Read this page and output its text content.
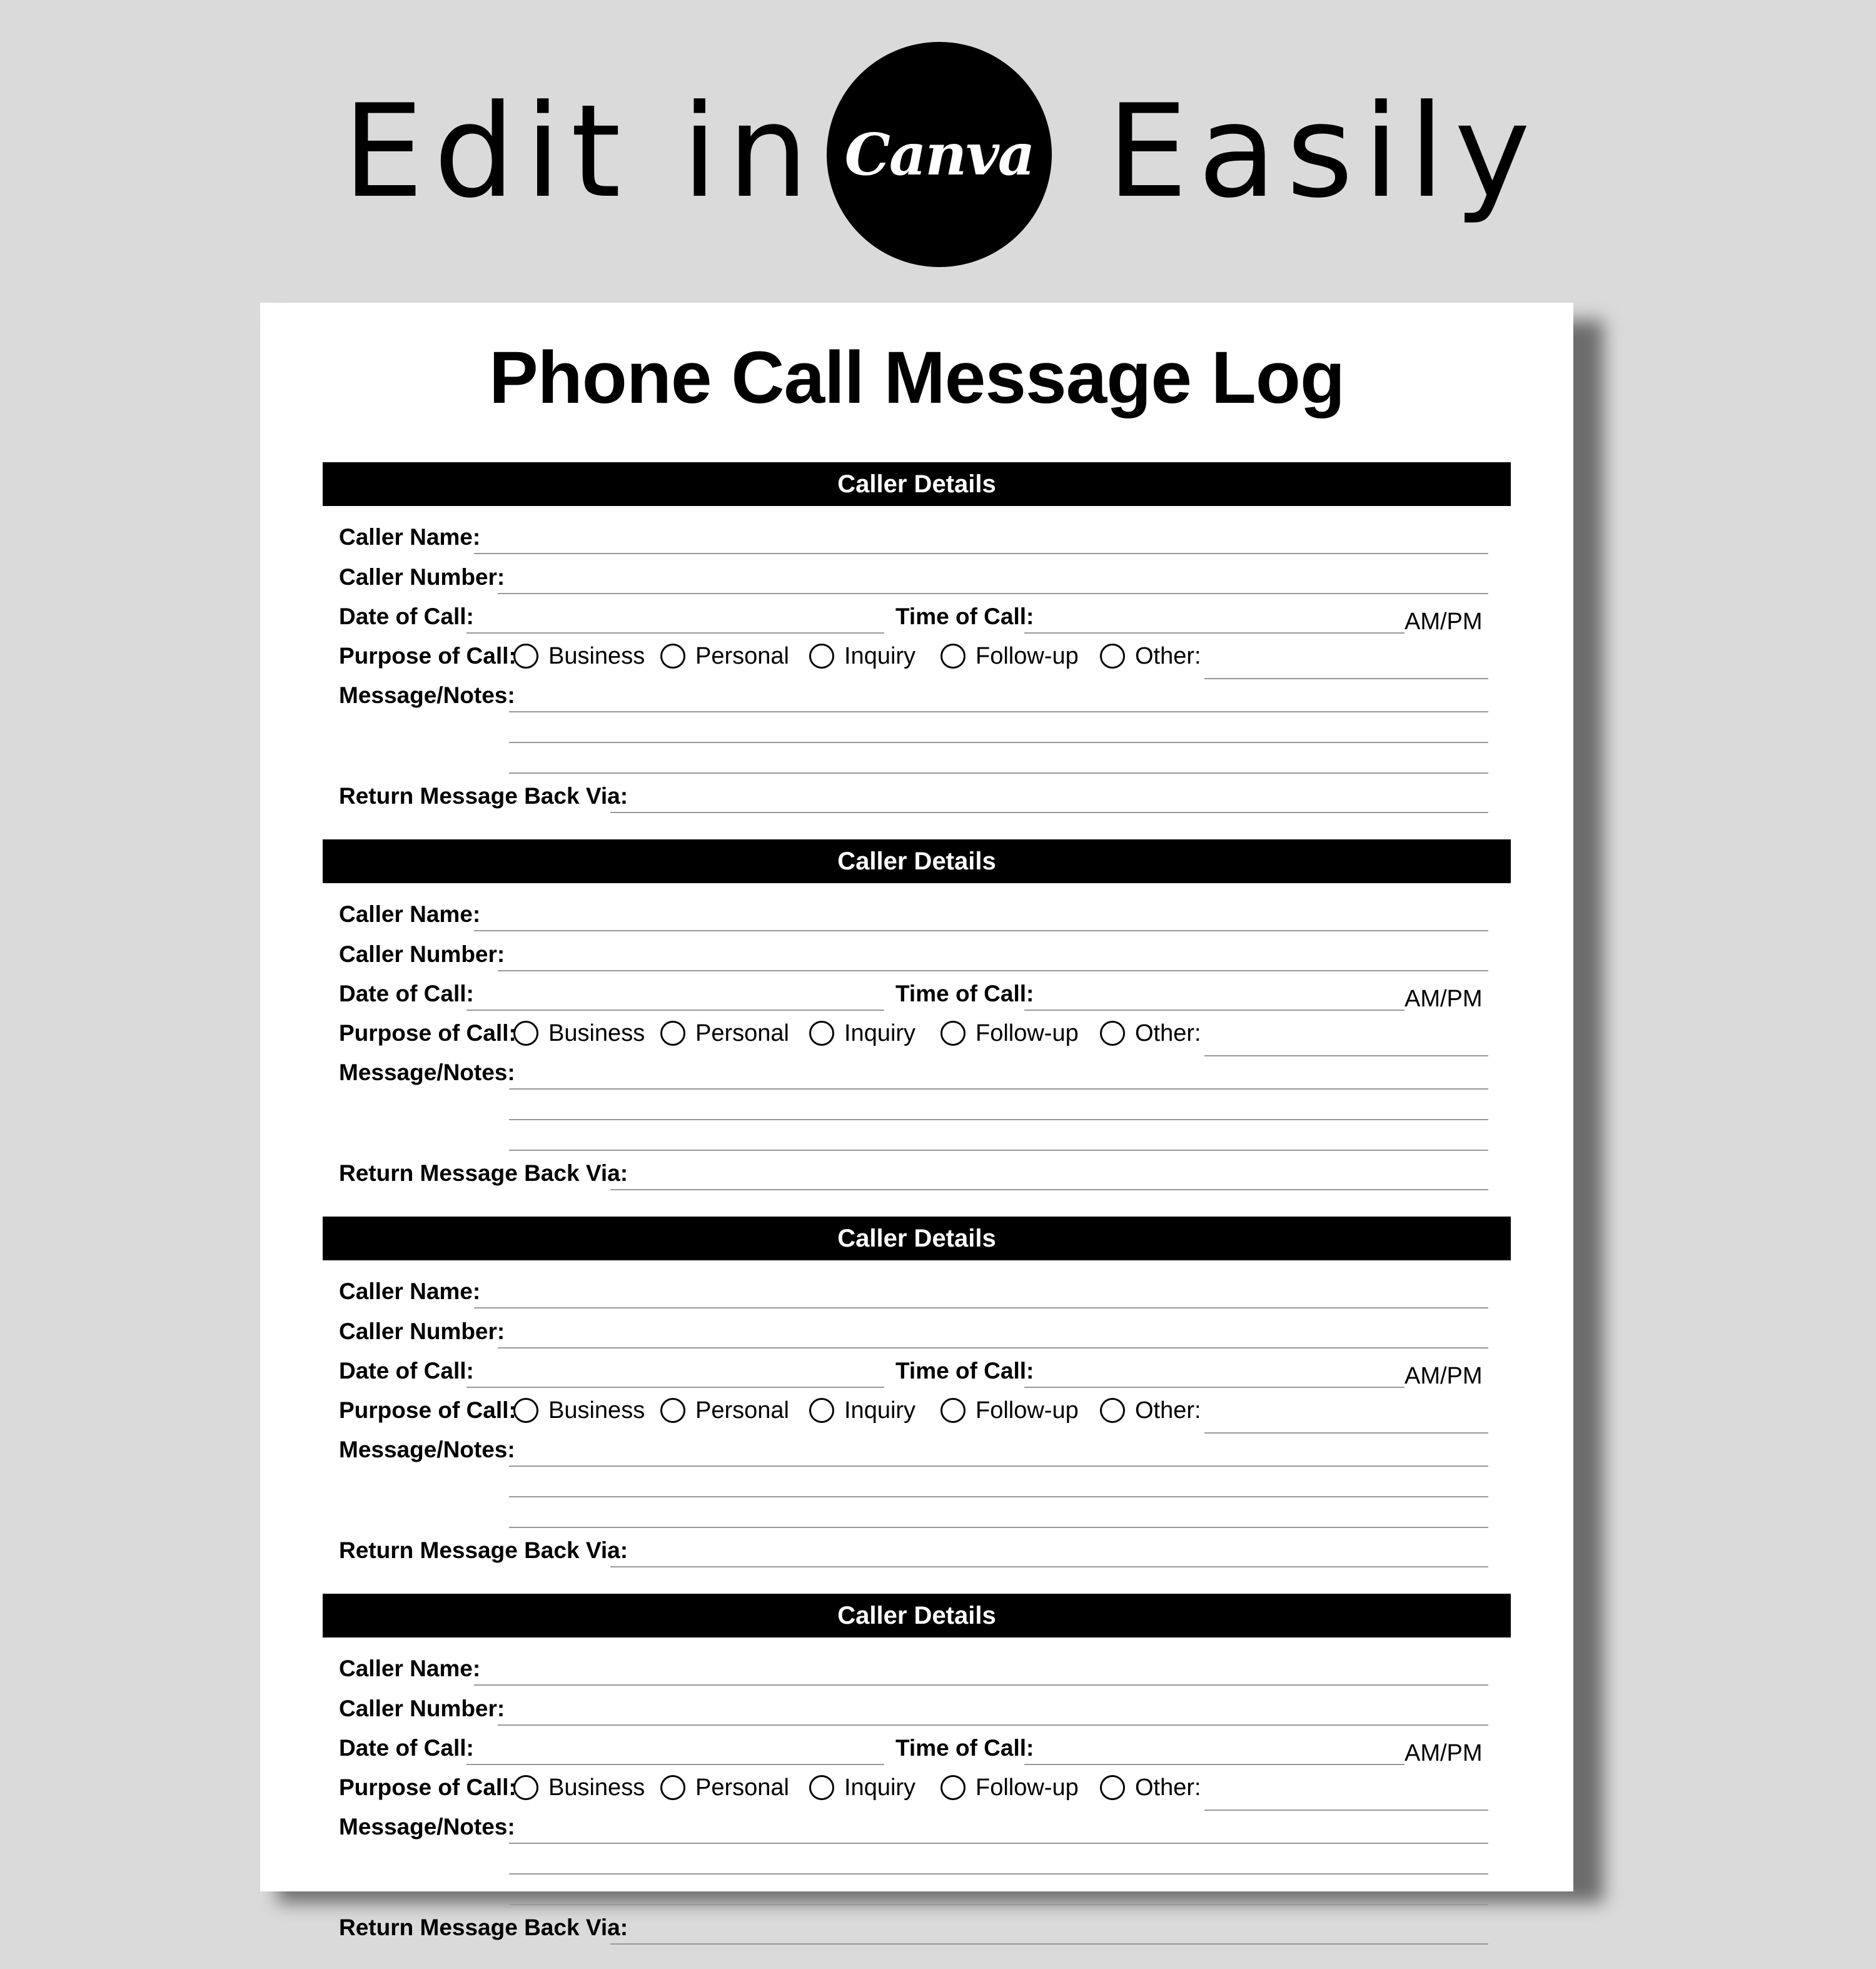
Edit in Canva Easily
Phone Call Message Log
Caller Details
Caller Name:
Caller Number:
Date of Call:	Time of Call:	AM/PM
Purpose of Call: Business Personal Inquiry	Follow-up Other:
Message/Notes:
Return Message Back Via:
Caller Details
Caller Name:
Caller Number:
Date of Call:	Time of Call:	AM/PM
Purpose of Call: Business Personal Inquiry	Follow-up Other:
Message/Notes:
Return Message Back Via:
Caller Details
Caller Name:
Caller Number:
Date of Call:	Time of Call:	AM/PM
Purpose of Call: Business Personal Inquiry	Follow-up Other:
Message/Notes:
Return Message Back Via:
Caller Details
Caller Name:
Caller Number:
Date of Call:	Time of Call:	AM/PM
Purpose of Call: Business Personal Inquiry	Follow-up Other:
Message/Notes:
Return Message Back Via:
